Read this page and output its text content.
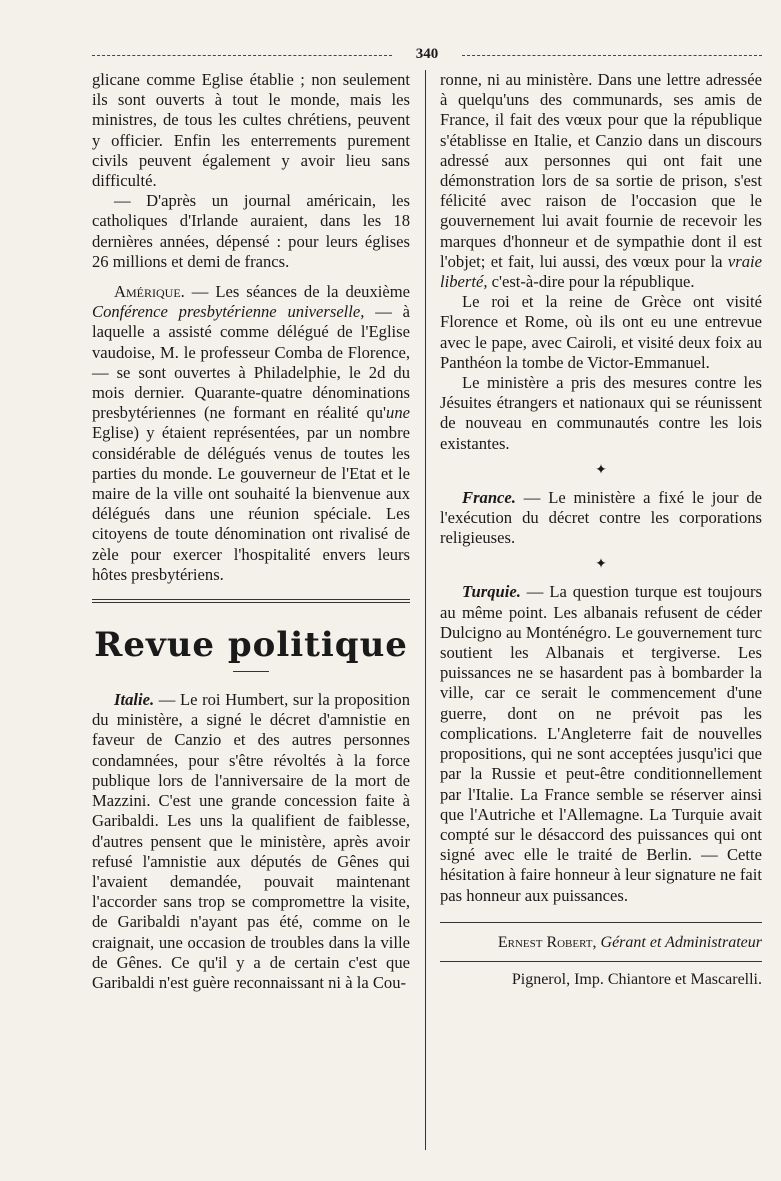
340

glicane comme Eglise établie ; non seulement ils sont ouverts à tout le monde, mais les ministres, de tous les cultes chrétiens, peuvent y officier. Enfin les enterrements purement civils peuvent également y avoir lieu sans difficulté.

— D'après un journal américain, les catholiques d'Irlande auraient, dans les 18 dernières années, dépensé : pour leurs églises 26 millions et demi de francs.

Amérique. — Les séances de la deuxième Conférence presbytérienne universelle, — à laquelle a assisté comme délégué de l'Eglise vaudoise, M. le professeur Comba de Florence, — se sont ouvertes à Philadelphie, le 2d du mois dernier. Quarante-quatre dénominations presbytériennes (ne formant en réalité qu'une Eglise) y étaient représentées, par un nombre considérable de délégués venus de toutes les parties du monde. Le gouverneur de l'Etat et le maire de la ville ont souhaité la bienvenue aux délégués dans une réunion spéciale. Les citoyens de toute dénomination ont rivalisé de zèle pour exercer l'hospitalité envers leurs hôtes presbytériens.

Revue politique

Italie. — Le roi Humbert, sur la proposition du ministère, a signé le décret d'amnistie en faveur de Canzio et des autres personnes condamnées, pour s'être révoltés à la force publique lors de l'anniversaire de la mort de Mazzini. C'est une grande concession faite à Garibaldi. Les uns la qualifient de faiblesse, d'autres pensent que le ministère, après avoir refusé l'amnistie aux députés de Gênes qui l'avaient demandée, pouvait maintenant l'accorder sans trop se compromettre la visite, de Garibaldi n'ayant pas été, comme on le craignait, une occasion de troubles dans la ville de Gênes. Ce qu'il y a de certain c'est que Garibaldi n'est guère reconnaissant ni à la Cou-

ronne, ni au ministère. Dans une lettre adressée à quelqu'uns des communards, ses amis de France, il fait des vœux pour que la république s'établisse en Italie, et Canzio dans un discours adressé aux personnes qui ont fait une démonstration lors de sa sortie de prison, s'est félicité avec raison de l'occasion que le gouvernement lui avait fournie de recevoir les marques d'honneur et de sympathie dont il est l'objet; et fait, lui aussi, des vœux pour la vraie liberté, c'est-à-dire pour la république.

Le roi et la reine de Grèce ont visité Florence et Rome, où ils ont eu une entrevue avec le pape, avec Cairoli, et visité deux foix au Panthéon la tombe de Victor-Emmanuel.

Le ministère a pris des mesures contre les Jésuites étrangers et nationaux qui se réunissent de nouveau en communautés contre les lois existantes.

✦

France. — Le ministère a fixé le jour de l'exécution du décret contre les corporations religieuses.

✦

Turquie. — La question turque est toujours au même point. Les albanais refusent de céder Dulcigno au Monténégro. Le gouvernement turc soutient les Albanais et tergiverse. Les puissances ne se hasardent pas à bombarder la ville, car ce serait le commencement d'une guerre, dont on ne prévoit pas les complications. L'Angleterre fait de nouvelles propositions, qui ne sont acceptées jusqu'ici que par la Russie et peut-être conditionnellement par l'Italie. La France semble se réserver ainsi que l'Autriche et l'Allemagne. La Turquie avait compté sur le désaccord des puissances qui ont signé avec elle le traité de Berlin. — Cette hésitation à faire honneur à leur signature ne fait pas honneur aux puissances.

Ernest Robert, Gérant et Administrateur
Pignerol, Imp. Chiantore et Mascarelli.
